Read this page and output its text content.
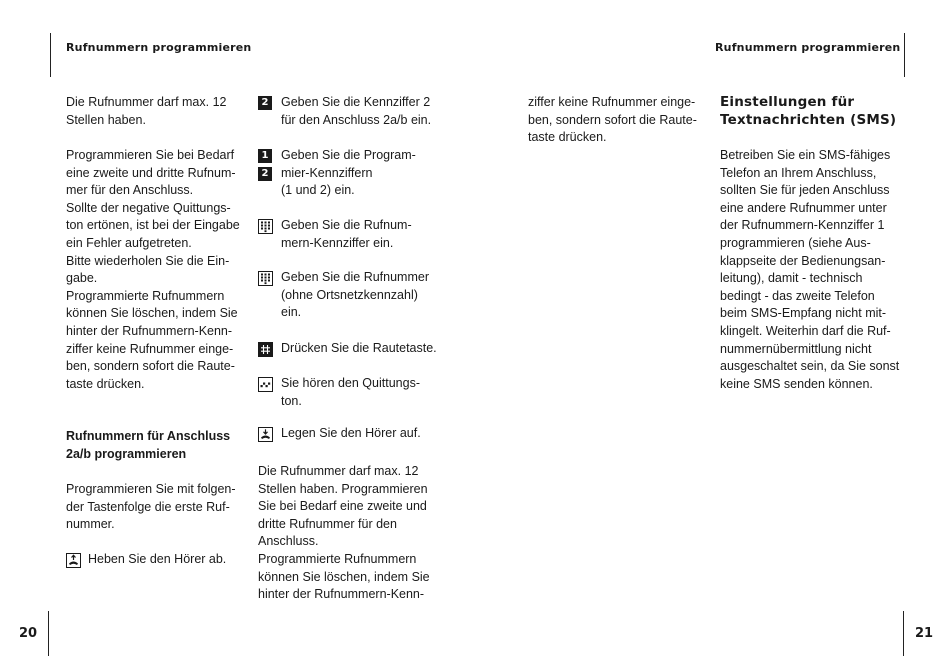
Rufnummern programmieren	Rufnummern programmieren
20	21
Die Rufnummer darf max. 12
Stellen haben.
Programmieren Sie bei Bedarf
eine zweite und dritte Rufnum-
mer für den Anschluss.
Sollte der negative Quittungs-
ton ertönen, ist bei der Eingabe
ein Fehler aufgetreten.
Bitte wiederholen Sie die Ein-
gabe.
Programmierte Rufnummern
können Sie löschen, indem Sie
hinter der Rufnummern-Kenn-
ziffer keine Rufnummer einge-
ben, sondern sofort die Raute-
taste drücken.
Rufnummern für Anschluss
2a/b programmieren
Programmieren Sie mit folgen-
der Tastenfolge die erste Ruf-
nummer.
Heben Sie den Hörer ab.
2 Geben Sie die Kennziffer 2
für den Anschluss 2a/b ein.
1
2
Geben Sie die Program-
mier-Kennziffern
(1 und 2) ein.
Geben Sie die Rufnum-
mern-Kennziffer ein.
Geben Sie die Rufnummer
(ohne Ortsnetzkennzahl)
ein.
Drücken Sie die Rautetaste.
Sie hören den Quittungs-
ton.
Legen Sie den Hörer auf.
Die Rufnummer darf max. 12
Stellen haben. Programmieren
Sie bei Bedarf eine zweite und
dritte Rufnummer für den
Anschluss.
Programmierte Rufnummern
können Sie löschen, indem Sie
hinter der Rufnummern-Kenn-
ziffer keine Rufnummer einge-
ben, sondern sofort die Raute-
taste drücken.
Einstellungen für
Textnachrichten (SMS)
Betreiben Sie ein SMS-fähiges
Telefon an Ihrem Anschluss,
sollten Sie für jeden Anschluss
eine andere Rufnummer unter
der Rufnummern-Kennziffer 1
programmieren (siehe Aus-
klappseite der Bedienungsan-
leitung), damit - technisch
bedingt - das zweite Telefon
beim SMS-Empfang nicht mit-
klingelt. Weiterhin darf die Ruf-
nummernübermittlung nicht
ausgeschaltet sein, da Sie sonst
keine SMS senden können.
